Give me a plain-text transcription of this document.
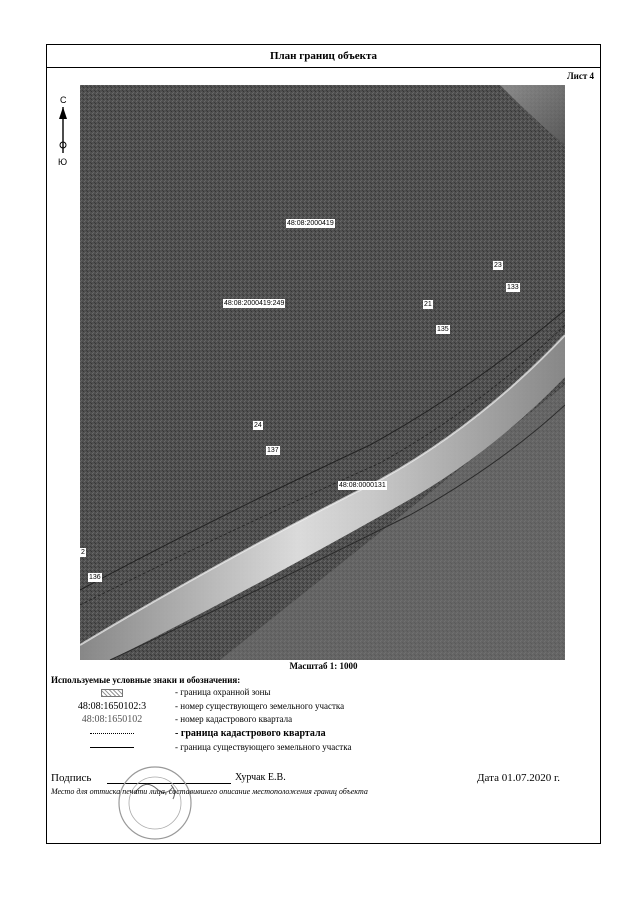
План границ объекта
Лист 4
С
Ю
48:08:2000419
48:08:2000419:249
23
133
21
135
24
137
48:08:0000131
2
136
Масштаб 1: 1000
Используемые условные знаки и обозначения:
- граница охранной зоны
48:08:1650102:3	- номер существующего земельного участка
48:08:1650102	- номер кадастрового квартала
- граница кадастрового квартала
- граница существующего земельного участка
Подпись	Хурчак Е.В.	Дата 01.07.2020 г.
Место для оттиска печати лица, составившего описание местоположения границ объекта
